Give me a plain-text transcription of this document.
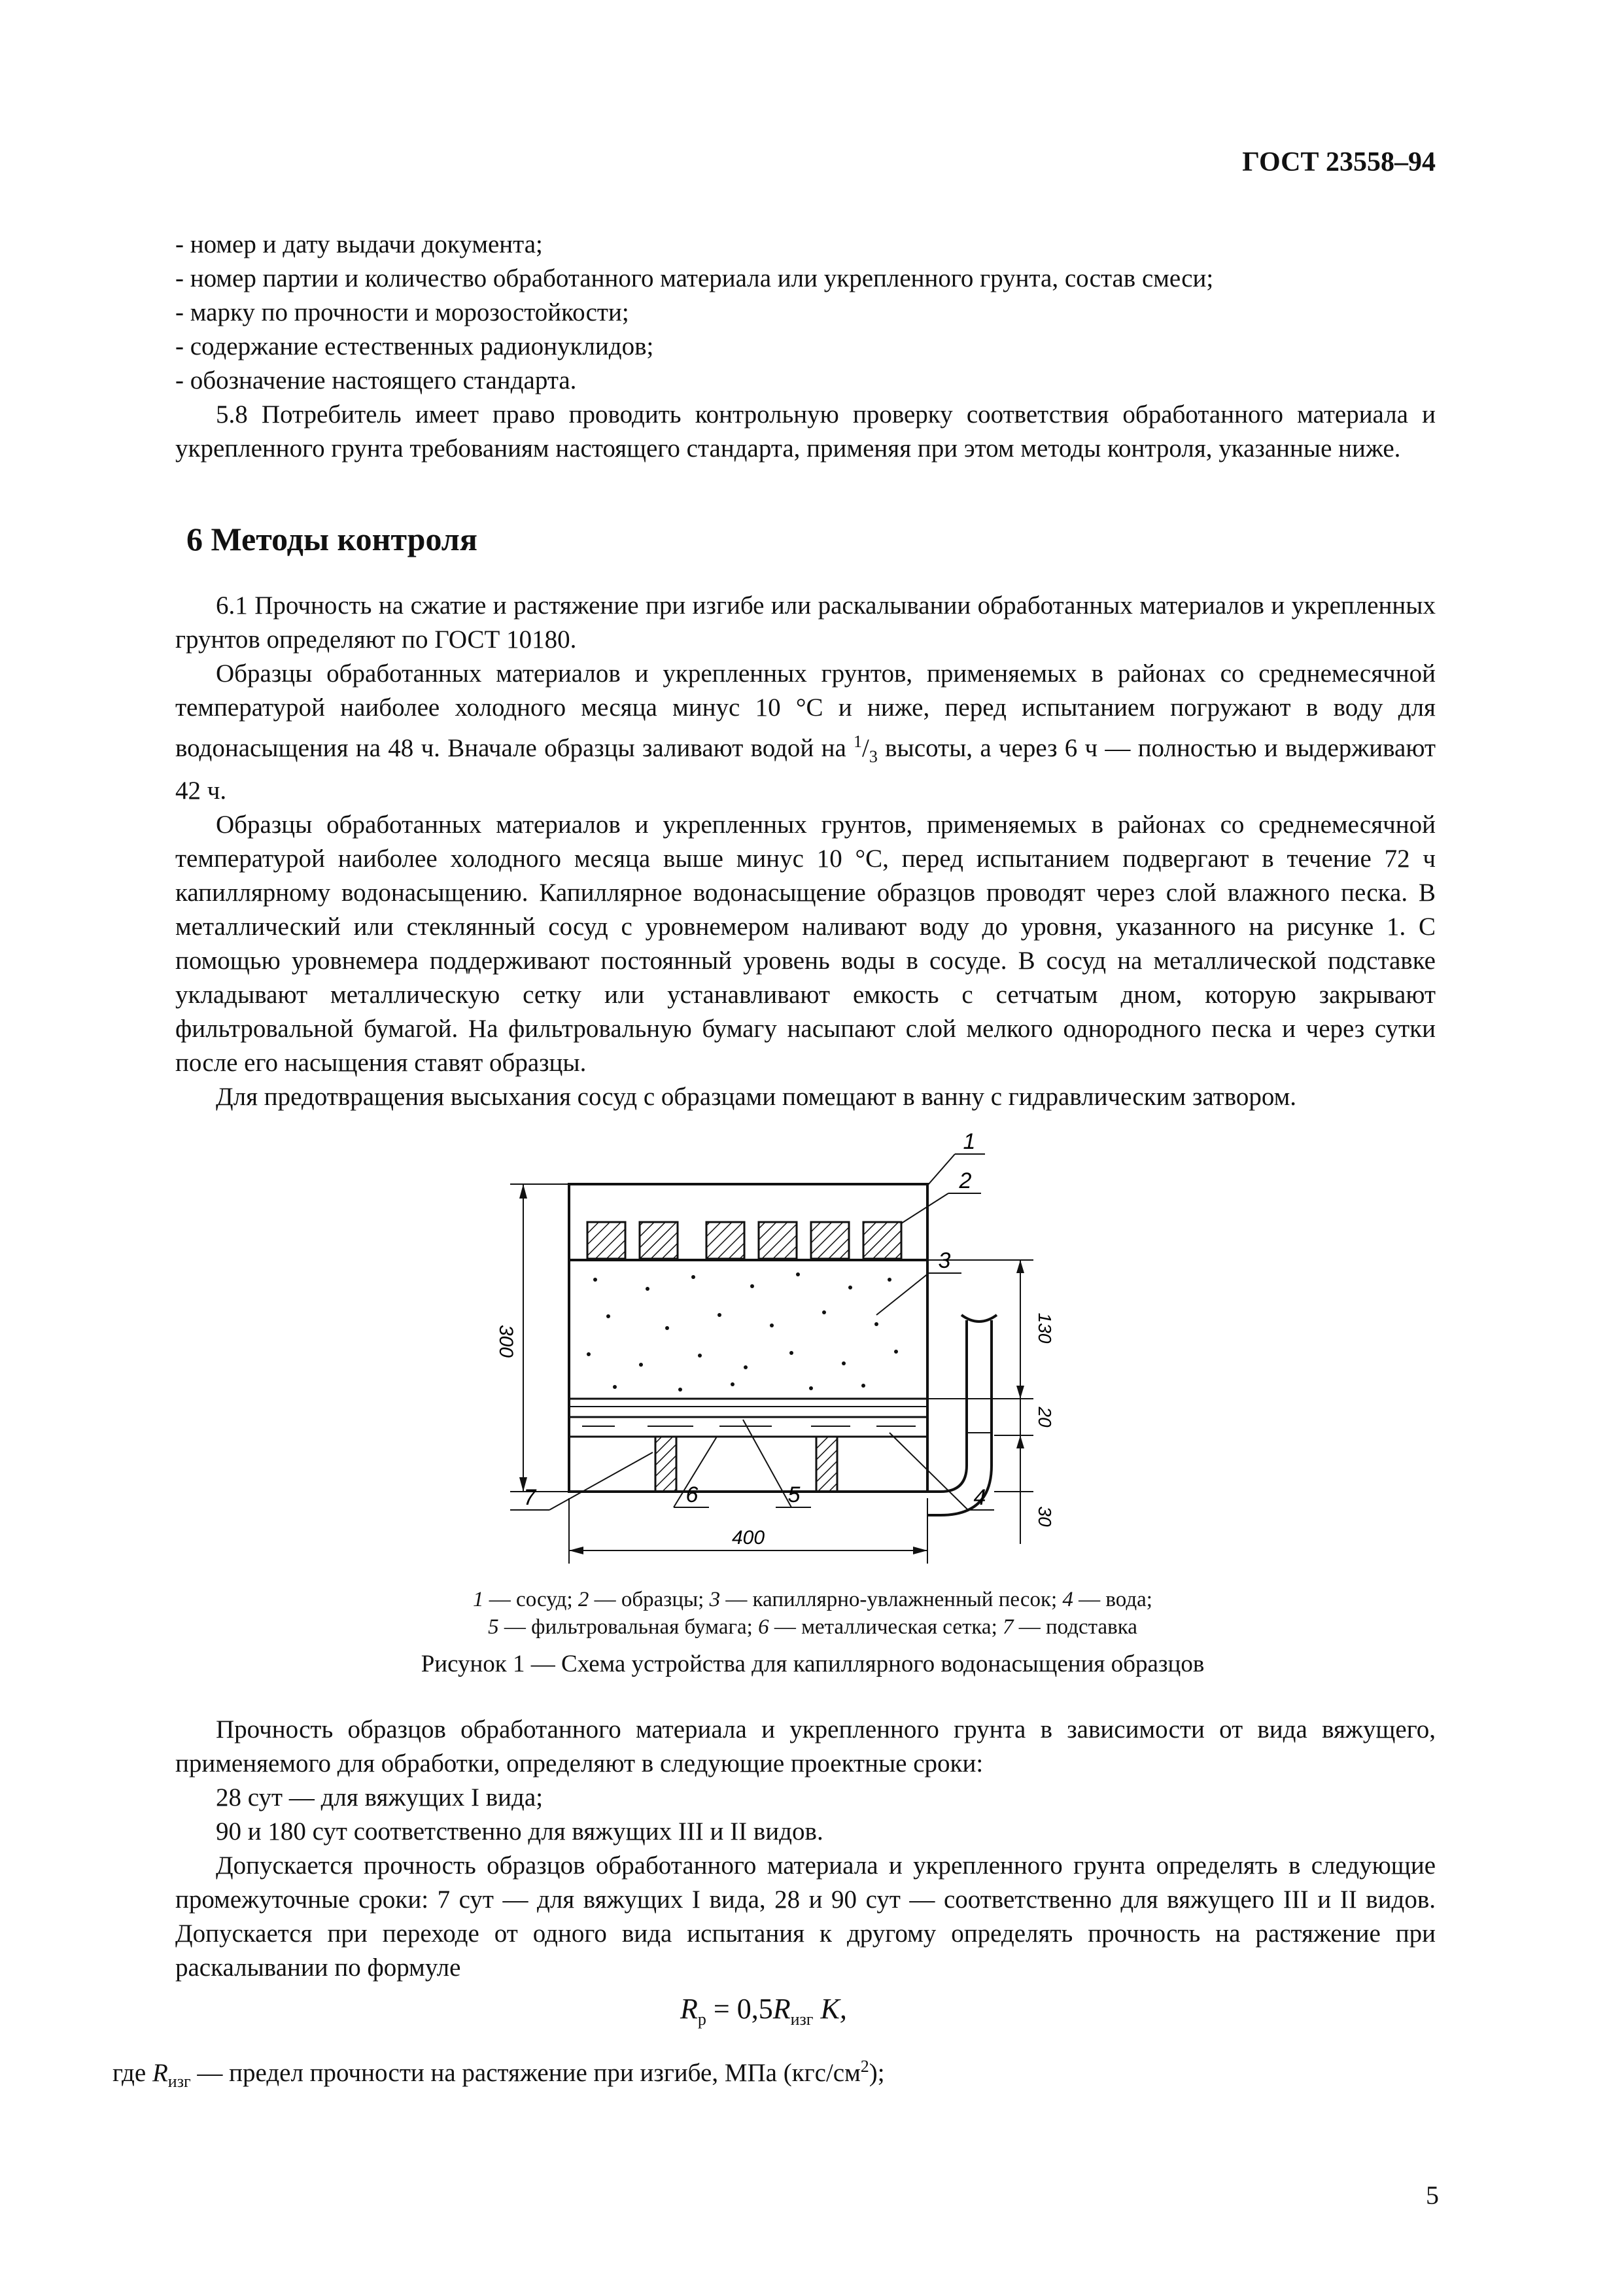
ГОСТ 23558–94

- номер и дату выдачи документа;

- номер партии и количество обработанного материала или укрепленного грунта, состав смеси;

- марку по прочности и морозостойкости;

- содержание естественных радионуклидов;

- обозначение настоящего стандарта.

5.8 Потребитель имеет право проводить контрольную проверку соответствия обработанного материала и укрепленного грунта требованиям настоящего стандарта, применяя при этом методы контроля, указанные ниже.

6 Методы контроля

6.1 Прочность на сжатие и растяжение при изгибе или раскалывании обработанных материалов и укрепленных грунтов определяют по ГОСТ 10180.

Образцы обработанных материалов и укрепленных грунтов, применяемых в районах со среднемесячной температурой наиболее холодного месяца минус 10 °С и ниже, перед испытанием погружают в воду для водонасыщения на 48 ч. Вначале образцы заливают водой на $^1/_3$ высоты, а через 6 ч — полностью и выдерживают 42 ч.

Образцы обработанных материалов и укрепленных грунтов, применяемых в районах со среднемесячной температурой наиболее холодного месяца выше минус 10 °С, перед испытанием подвергают в течение 72 ч капиллярному водонасыщению. Капиллярное водонасыщение образцов проводят через слой влажного песка. В металлический или стеклянный сосуд с уровнемером наливают воду до уровня, указанного на рисунке 1. С помощью уровнемера поддерживают постоянный уровень воды в сосуде. В сосуд на металлической подставке укладывают металлическую сетку или устанавливают емкость с сетчатым дном, которую закрывают фильтровальной бумагой. На фильтровальную бумагу насыпают слой мелкого однородного песка и через сутки после его насыщения ставят образцы.

Для предотвращения высыхания сосуд с образцами помещают в ванну с гидравлическим затвором.

300	130
20
30
400
1
2
3
4
5
6
7
1 — сосуд; 2 — образцы; 3 — капиллярно-увлажненный песок; 4 — вода;
5 — фильтровальная бумага; 6 — металлическая сетка; 7 — подставка
Рисунок 1 — Схема устройства для капиллярного водонасыщения образцов

Прочность образцов обработанного материала и укрепленного грунта в зависимости от вида вяжущего, применяемого для обработки, определяют в следующие проектные сроки:

28 сут — для вяжущих I вида;

90 и 180 сут соответственно для вяжущих III и II видов.

Допускается прочность образцов обработанного материала и укрепленного грунта определять в следующие промежуточные сроки: 7 сут — для вяжущих I вида, 28 и 90 сут — соответственно для вяжущего III и II видов. Допускается при переходе от одного вида испытания к другому определять прочность на растяжение при раскалывании по формуле

$R_р = 0,5R_{изг}$ K,
где $R_{изг}$ — предел прочности на растяжение при изгибе, МПа $(кгс/см^2)$;
5
